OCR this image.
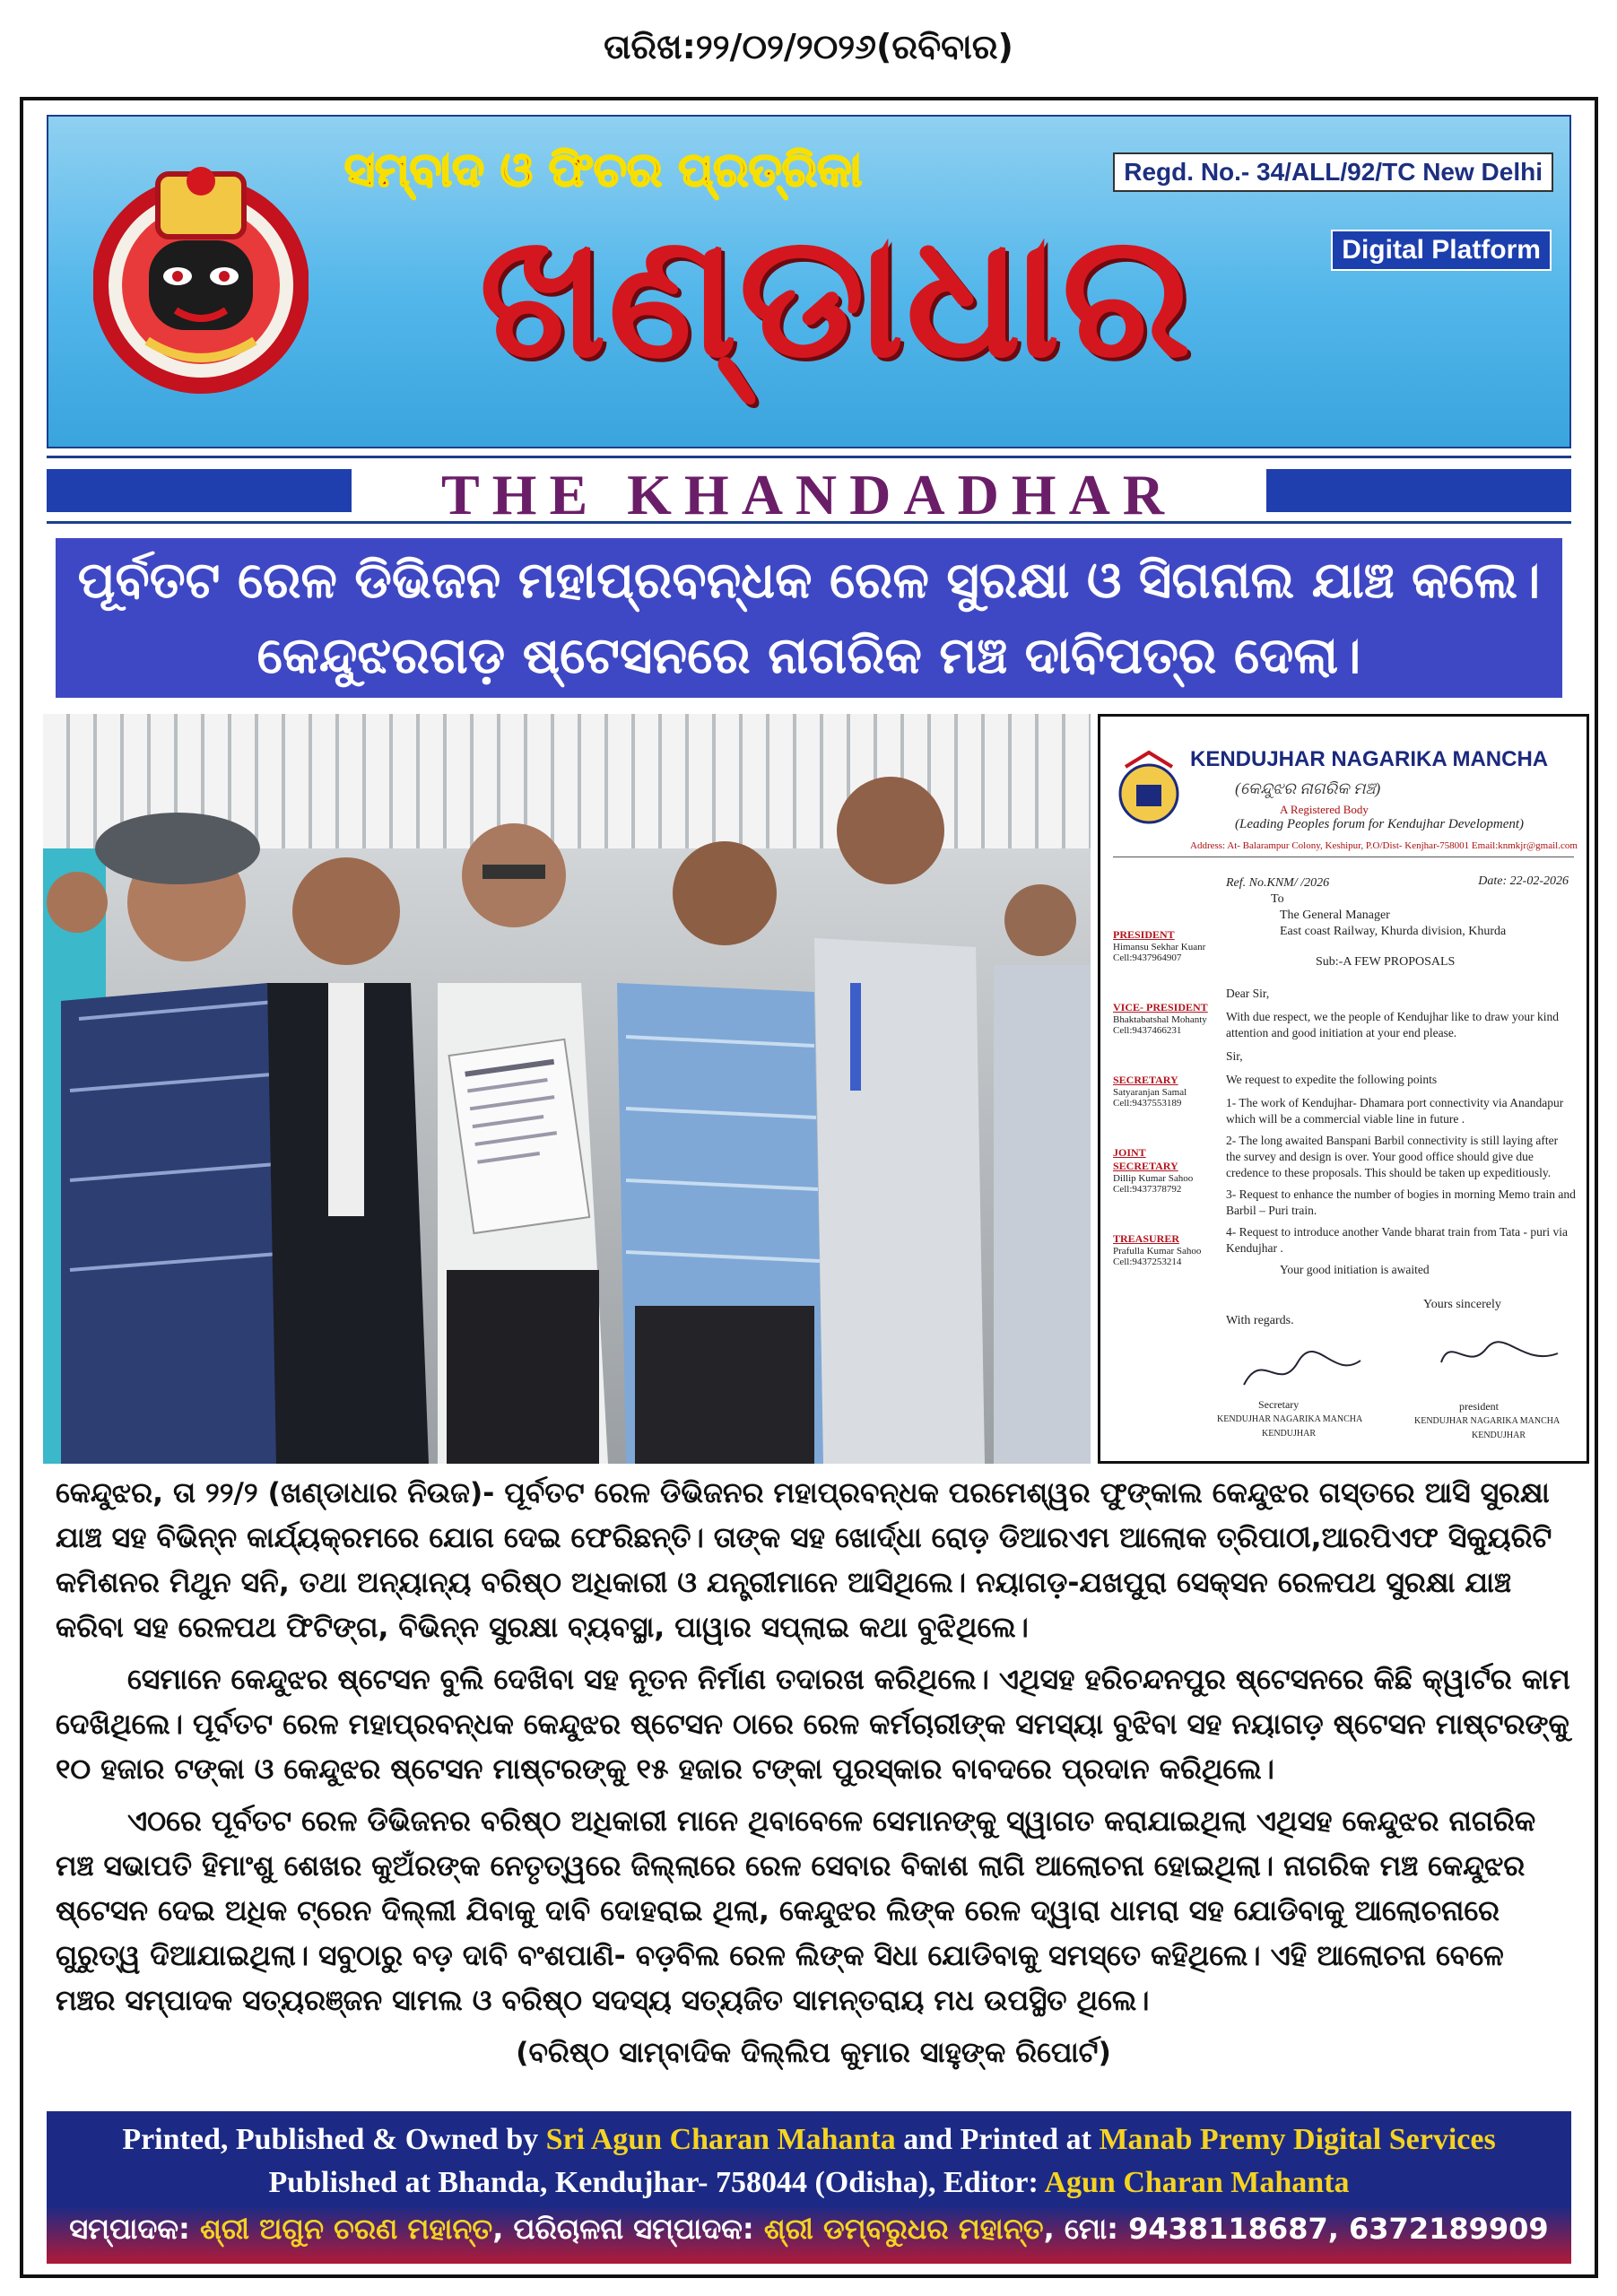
ତାରିଖ:୨୨/୦୨/୨୦୨୬(ରବିବାର)
ସମ୍ବାଦ ଓ ଫିଚର ପ୍ରତ୍ରିକା
ଖଣ୍ଡାଧାର
Regd. No.- 34/ALL/92/TC New Delhi
Digital Platform
THE KHANDADHAR
ପୂର୍ବତଟ ରେଳ ଡିଭିଜନ ମହାପ୍ରବନ୍ଧକ ରେଳ ସୁରକ୍ଷା ଓ ସିଗନାଲ ଯାଞ୍ଚ କଲେ।
କେନ୍ଦୁଝରଗଡ଼ ଷ୍ଟେସନରେ ନାଗରିକ ମଞ୍ଚ ଦାବିପତ୍ର ଦେଲା।
KENDUJHAR NAGARIKA MANCHA
(କେନ୍ଦୁଝର ନାଗରିକ ମଞ୍ଚ)
A Registered Body
(Leading Peoples forum for Kendujhar Development)
Address: At- Balarampur Colony, Keshipur, P.O/Dist- Kenjhar-758001 Email:knmkjr@gmail.com
PRESIDENT
Himansu Sekhar Kuanr
Cell:9437964907
VICE- PRESIDENT
Bhaktabatshal Mohanty
Cell:9437466231
SECRETARY
Satyaranjan Samal
Cell:9437553189
JOINT SECRETARY
Dillip Kumar Sahoo
Cell:9437378792
TREASURER
Prafulla Kumar Sahoo
Cell:9437253214
Ref. No.KNM/ /2026	Date: 22-02-2026
To
The General Manager
East coast Railway, Khurda division, Khurda
Sub:-A FEW PROPOSALS

Dear Sir,

With due respect, we the people of Kendujhar like to draw your kind attention and good initiation at your end please.

Sir,

We request to expedite the following points

1- The work of Kendujhar- Dhamara port connectivity via Anandapur which will be a commercial viable line in future .
2- The long awaited Banspani Barbil connectivity is still laying after the survey and design is over. Your good office should give due credence to these proposals. This should be taken up expeditiously.
3- Request to enhance the number of bogies in morning Memo train and Barbil – Puri train.
4- Request to introduce another Vande bharat train from Tata - puri via Kendujhar .

Your good initiation is awaited

With regards.
Yours sincerely
Secretary	president
KENDUJHAR NAGARIKA MANCHA	KENDUJHAR NAGARIKA MANCHA
KENDUJHAR	KENDUJHAR

କେନ୍ଦୁଝର, ତା ୨୨/୨ (ଖଣ୍ଡାଧାର ନିଉଜ)- ପୂର୍ବତଟ ରେଳ ଡିଭିଜନର ମହାପ୍ରବନ୍ଧକ ପରମେଶ୍ୱର ଫୁଙ୍କାଲ କେନ୍ଦୁଝର ଗସ୍ତରେ ଆସି ସୁରକ୍ଷା ଯାଞ୍ଚ ସହ ବିଭିନ୍ନ କାର୍ଯ୍ୟକ୍ରମରେ ଯୋଗ ଦେଇ ଫେରିଛନ୍ତି। ତାଙ୍କ ସହ ଖୋର୍ଦ୍ଧା ରୋଡ଼ ଡିଆରଏମ ଆଲୋକ ତ୍ରିପାଠୀ,ଆରପିଏଫ ସିକ୍ୟୁରିଟି କମିଶନର ମିଥୁନ ସନି, ତଥା ଅନ୍ୟାନ୍ୟ ବରିଷ୍ଠ ଅଧିକାରୀ ଓ ଯନ୍ତ୍ରୀମାନେ ଆସିଥିଲେ। ନୟାଗଡ଼-ଯଖପୁରା ସେକ୍ସନ ରେଳପଥ ସୁରକ୍ଷା ଯାଞ୍ଚ କରିବା ସହ ରେଳପଥ ଫିଟିଙ୍ଗ, ବିଭିନ୍ନ ସୁରକ୍ଷା ବ୍ୟବସ୍ଥା, ପାୱାର ସପ୍ଲାଇ କଥା ବୁଝିଥିଲେ।

ସେମାନେ କେନ୍ଦୁଝର ଷ୍ଟେସନ ବୁଲି ଦେଖିବା ସହ ନୂତନ ନିର୍ମାଣ ତଦାରଖ କରିଥିଲେ। ଏଥିସହ ହରିଚନ୍ଦନପୁର ଷ୍ଟେସନରେ କିଛି କ୍ୱାର୍ଟର କାମ ଦେଖିଥିଲେ। ପୂର୍ବତଟ ରେଳ ମହାପ୍ରବନ୍ଧକ କେନ୍ଦୁଝର ଷ୍ଟେସନ ଠାରେ ରେଳ କର୍ମଚାରୀଙ୍କ ସମସ୍ୟା ବୁଝିବା ସହ ନୟାଗଡ଼ ଷ୍ଟେସନ ମାଷ୍ଟରଙ୍କୁ ୧୦ ହଜାର ଟଙ୍କା ଓ କେନ୍ଦୁଝର ଷ୍ଟେସନ ମାଷ୍ଟରଙ୍କୁ ୧୫ ହଜାର ଟଙ୍କା ପୁରସ୍କାର ବାବଦରେ ପ୍ରଦାନ କରିଥିଲେ।

ଏଠରେ ପୂର୍ବତଟ ରେଳ ଡିଭିଜନର ବରିଷ୍ଠ ଅଧିକାରୀ ମାନେ ଥିବାବେଳେ ସେମାନଙ୍କୁ ସ୍ୱାଗତ କରାଯାଇଥିଲା ଏଥିସହ କେନ୍ଦୁଝର ନାଗରିକ ମଞ୍ଚ ସଭାପତି ହିମାଂଶୁ ଶେଖର କୁଅଁରଙ୍କ ନେତୃତ୍ୱରେ ଜିଲ୍ଲାରେ ରେଳ ସେବାର ବିକାଶ ଲାଗି ଆଲୋଚନା ହୋଇଥିଲା। ନାଗରିକ ମଞ୍ଚ କେନ୍ଦୁଝର ଷ୍ଟେସନ ଦେଇ ଅଧିକ ଟ୍ରେନ ଦିଲ୍ଲୀ ଯିବାକୁ ଦାବି ଦୋହରାଇ ଥିଲା, କେନ୍ଦୁଝର ଲିଙ୍କ ରେଳ ଦ୍ୱାରା ଧାମରା ସହ ଯୋଡିବାକୁ ଆଲୋଚନାରେ ଗୁରୁତ୍ୱ ଦିଆଯାଇଥିଲା। ସବୁଠାରୁ ବଡ଼ ଦାବି ବଂଶପାଣି- ବଡ଼ବିଲ ରେଳ ଲିଙ୍କ ସିଧା ଯୋଡିବାକୁ ସମସ୍ତେ କହିଥିଲେ। ଏହି ଆଲୋଚନା ବେଳେ ମଞ୍ଚର ସମ୍ପାଦକ ସତ୍ୟରଞ୍ଜନ ସାମଲ ଓ ବରିଷ୍ଠ ସଦସ୍ୟ ସତ୍ୟଜିତ ସାମନ୍ତରାୟ ମଧ ଉପସ୍ଥିତ ଥିଲେ।

(ବରିଷ୍ଠ ସାମ୍ବାଦିକ ଦିଲ୍ଲିପ କୁମାର ସାହୁଙ୍କ ରିପୋର୍ଟ)

Printed, Published & Owned by Sri Agun Charan Mahanta and Printed at Manab Premy Digital Services
Published at Bhanda, Kendujhar- 758044 (Odisha), Editor: Agun Charan Mahanta
ସମ୍ପାଦକ: ଶ୍ରୀ ଅଗୁନ ଚରଣ ମହାନ୍ତ, ପରିଚାଳନା ସମ୍ପାଦକ: ଶ୍ରୀ ଡମ୍ବରୁଧର ମହାନ୍ତ, ମୋ: 9438118687, 6372189909
